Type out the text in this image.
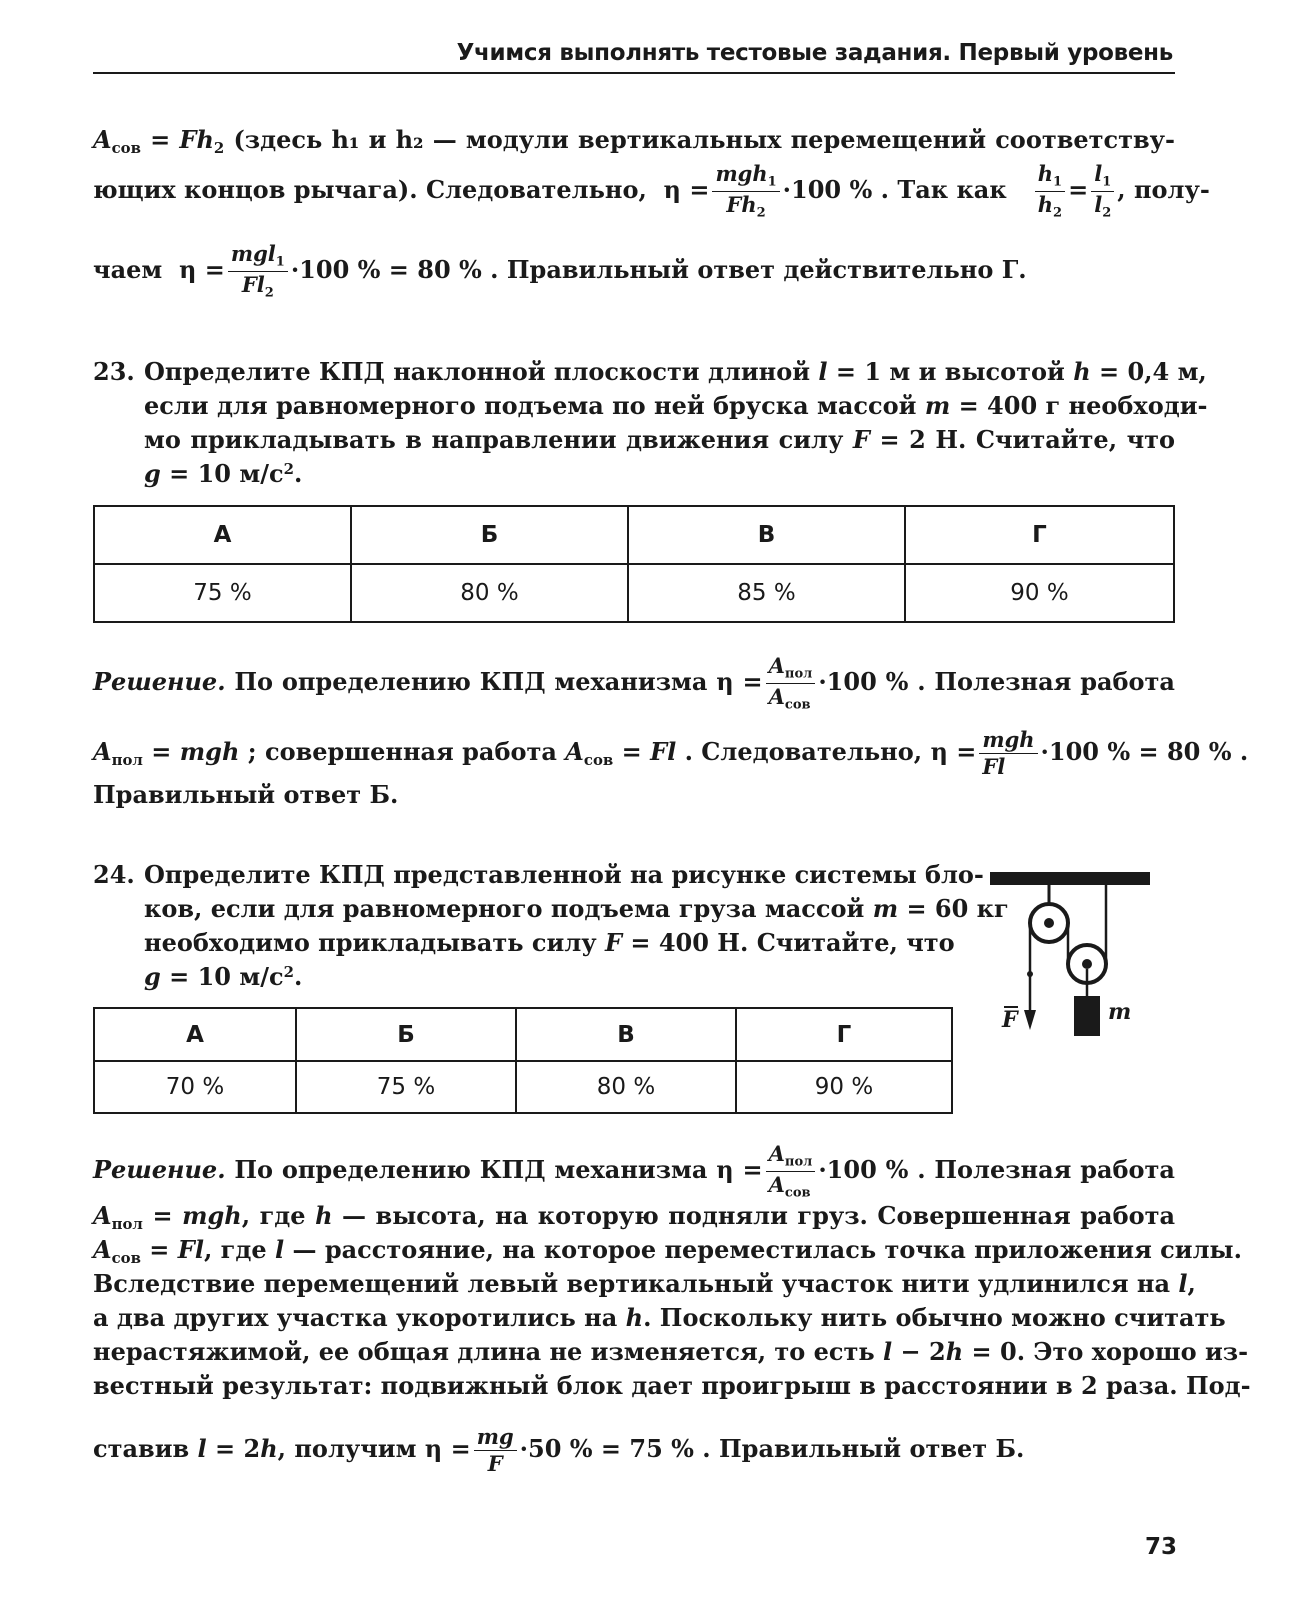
Учимся выполнять тестовые задания. Первый уровень
$A_{сов} = Fh_2$ (здесь h₁ и h₂ — модули вертикальных перемещений соответству-
ющих концов рычага). Следовательно,  $\eta = \frac{mgh_1}{Fh_2} \cdot 100$ % . Так как $\frac{h_1}{h_2} = \frac{l_1}{l_2}$ , полу-
чаем  $\eta = \frac{mgl_1}{Fl_2} \cdot 100$ % = 80 % . Правильный ответ действительно Г.
23. Определите КПД наклонной плоскости длиной l = 1 м и высотой h = 0,4 м,
если для равномерного подъема по ней бруска массой m = 400 г необходи-
мо прикладывать в направлении движения силу F = 2 Н. Считайте, что
g = 10 $м/с^2$.
А	Б	В	Г
75 %	80 %	85 %	90 %
Решение. По определению КПД механизма $\eta = \frac{A_{пол}}{A_{сов}} \cdot 100$ % . Полезная работа
$A_{пол}$ = mgh ; совершенная работа $A_{сов} = Fl$ . Следовательно, $\eta = \frac{\text{mgh}}{Fl} \cdot 100$ % = 80 % .
Правильный ответ Б.
24. Определите КПД представленной на рисунке системы бло-
ков, если для равномерного подъема груза массой m = 60 кг
необходимо прикладывать силу F = 400 Н. Считайте, что
g = 10 $м/с^2$.
F	m
А	Б	В	Г
70 %	75 %	80 %	90 %
Решение. По определению КПД механизма $\eta = \frac{A_{пол}}{A_{сов}} \cdot 100$ % . Полезная работа
$A_{пол}$ = mgh, где h — высота, на которую подняли груз. Совершенная работа
$A_{сов} = Fl$, где l — расстояние, на которое переместилась точка приложения силы.
Вследствие перемещений левый вертикальный участок нити удлинился на l,
а два других участка укоротились на h. Поскольку нить обычно можно считать
нерастяжимой, ее общая длина не изменяется, то есть l − 2h = 0. Это хорошо из-
вестный результат: подвижный блок дает проигрыш в расстоянии в 2 раза. Под-
ставив l = 2h, получим $\eta = \frac{mg}{F} \cdot 50$ % = 75 % . Правильный ответ Б.
73
